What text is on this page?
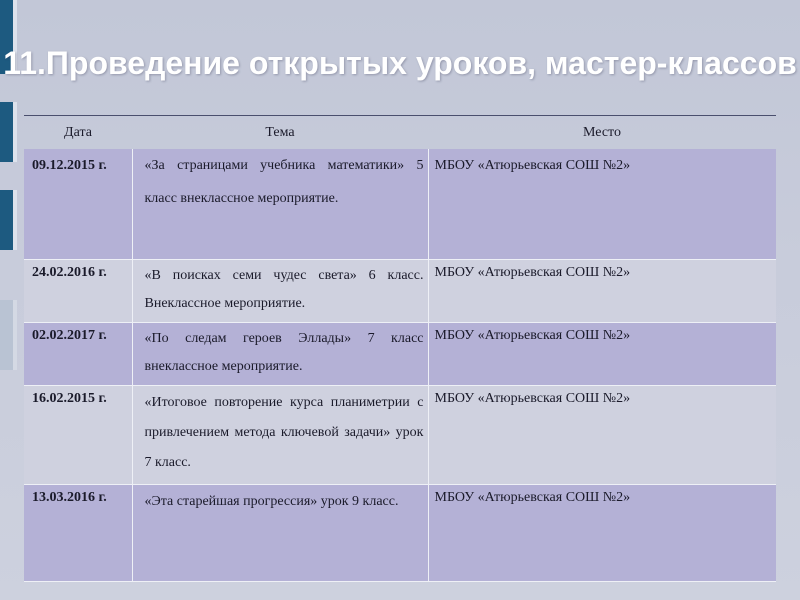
11.Проведение открытых уроков, мастер-классов
Дата	Тема	Место
09.12.2015 г.	«За страницами учебника математики» 5 класс внеклассное мероприятие.	МБОУ «Атюрьевская СОШ №2»
24.02.2016 г.	«В поисках семи чудес света» 6 класс. Внеклассное мероприятие.	МБОУ «Атюрьевская СОШ №2»
02.02.2017 г.	«По следам героев Эллады» 7 класс внеклассное мероприятие.	МБОУ «Атюрьевская СОШ №2»
16.02.2015 г.	«Итоговое повторение курса планиметрии с привлечением метода ключевой задачи» урок 7 класс.	МБОУ «Атюрьевская СОШ №2»
13.03.2016 г.	«Эта старейшая прогрессия» урок 9 класс.	МБОУ «Атюрьевская СОШ №2»
